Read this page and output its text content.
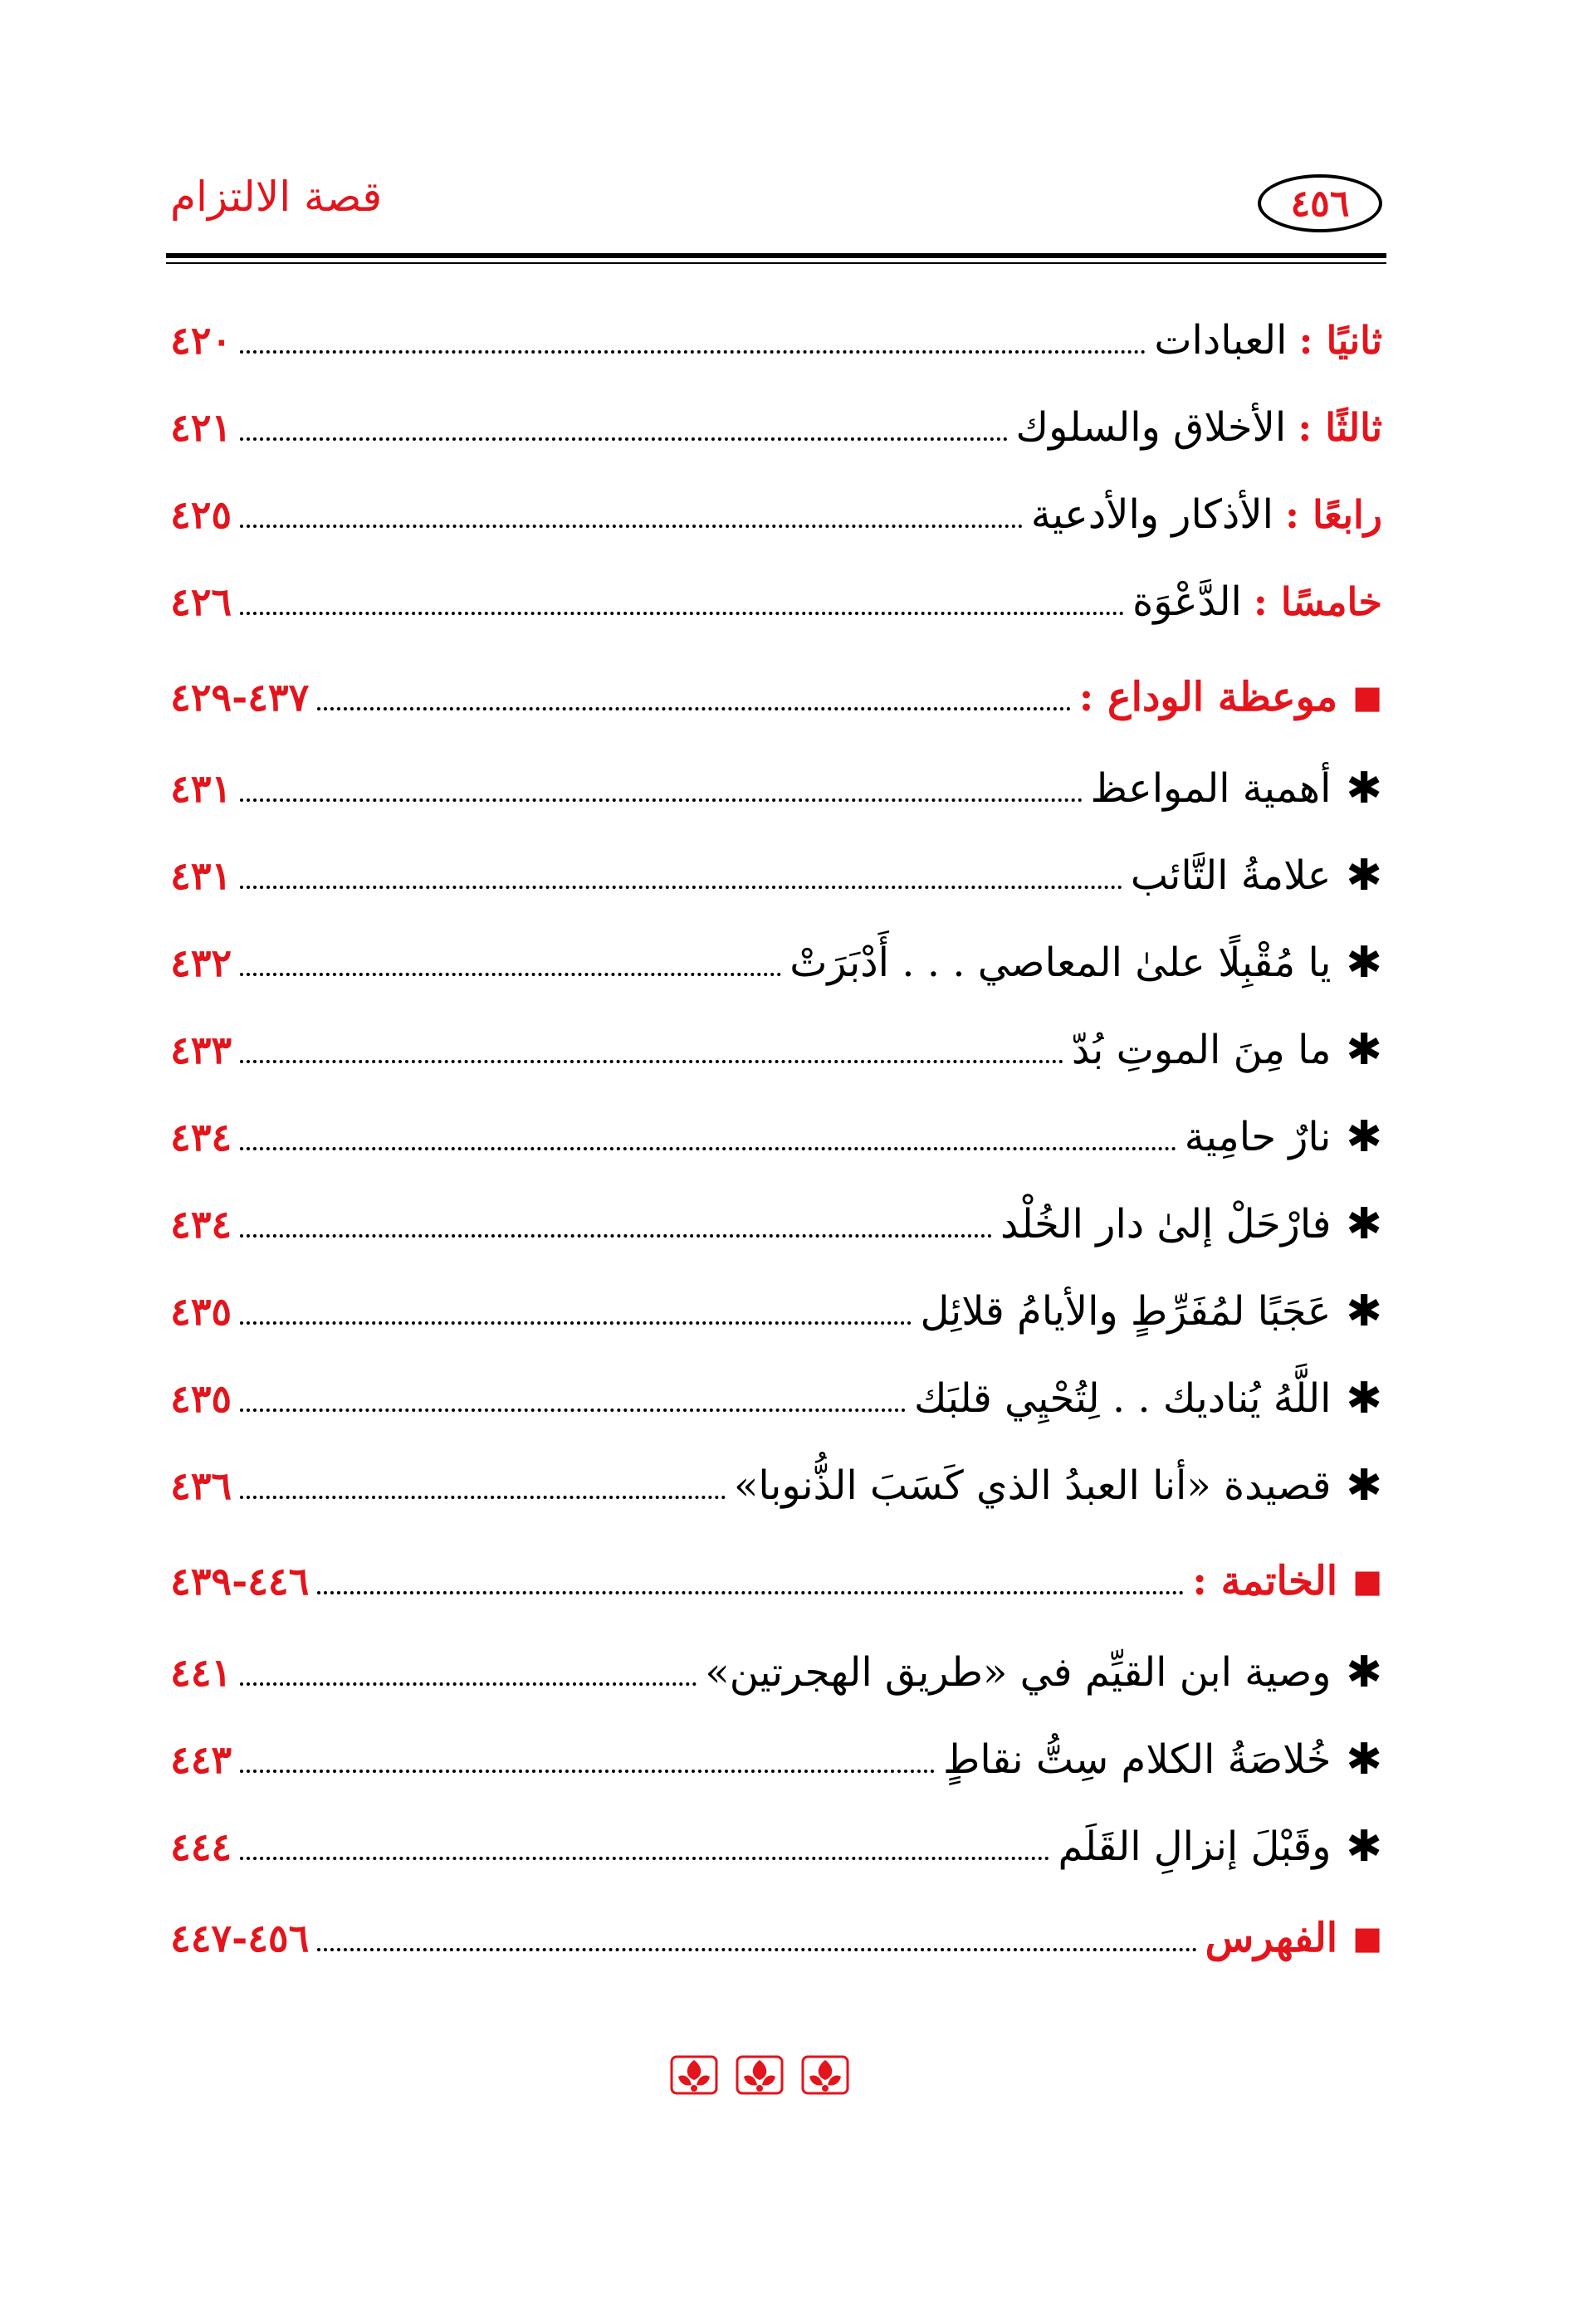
قصة الالتزام	٤٥٦
ثانيًا :
العبادات
٤٢٠
ثالثًا :
الأخلاق والسلوك
٤٢١
رابعًا :
الأذكار والأدعية
٤٢٥
خامسًا :
الدَّعْوَة
٤٢٦
■
موعظة الوداع :
٤٣٧-٤٢٩
✱
أهمية المواعظ
٤٣١
✱
علامةُ التَّائب
٤٣١
✱
يا مُقْبِلًا علىٰ المعاصي . . . أَدْبَرَتْ
٤٣٢
✱
ما مِنَ الموتِ بُدّ
٤٣٣
✱
نارٌ حامِية
٤٣٤
✱
فارْحَلْ إلىٰ دار الخُلْد
٤٣٤
✱
عَجَبًا لمُفَرِّطٍ والأيامُ قلائِل
٤٣٥
✱
اللَّهُ يُناديك . . لِتُحْيِي قلبَك
٤٣٥
✱
قصيدة «أنا العبدُ الذي كَسَبَ الذُّنوبا»
٤٣٦
■
الخاتمة :
٤٤٦-٤٣٩
✱
وصية ابن القيِّم في «طريق الهجرتين»
٤٤١
✱
خُلاصَةُ الكلام سِتُّ نقاطٍ
٤٤٣
✱
وقَبْلَ إنزالِ القَلَم
٤٤٤
■
الفهرس
٤٥٦-٤٤٧
